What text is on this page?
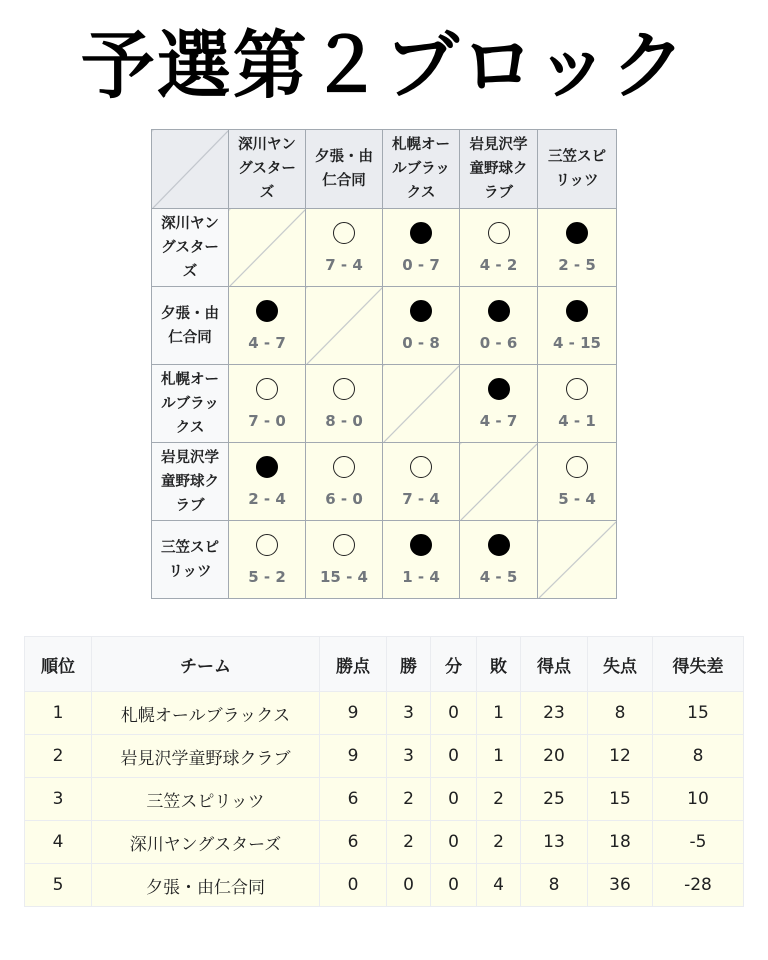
予選第２ブロック

	深川ヤン
グスター
ズ	夕張・由
仁合同	札幌オー
ルブラッ
クス	岩見沢学
童野球ク
ラブ	三笠スピ
リッツ

深川ヤン
グスター
ズ		7 - 4	0 - 7	4 - 2	2 - 5

夕張・由
仁合同	4 - 7		0 - 8	0 - 6	4 - 15

札幌オー
ルブラッ
クス	7 - 0	8 - 0		4 - 7	4 - 1

岩見沢学
童野球ク
ラブ	2 - 4	6 - 0	7 - 4		5 - 4

三笠スピ
リッツ	5 - 2	15 - 4	1 - 4	4 - 5	

順位	チーム	勝点	勝	分	敗	得点	失点	得失差
1	札幌オールブラックス	9	3	0	1	23	8	15
2	岩見沢学童野球クラブ	9	3	0	1	20	12	8
3	三笠スピリッツ	6	2	0	2	25	15	10
4	深川ヤングスターズ	6	2	0	2	13	18	-5
5	夕張・由仁合同	0	0	0	4	8	36	-28
